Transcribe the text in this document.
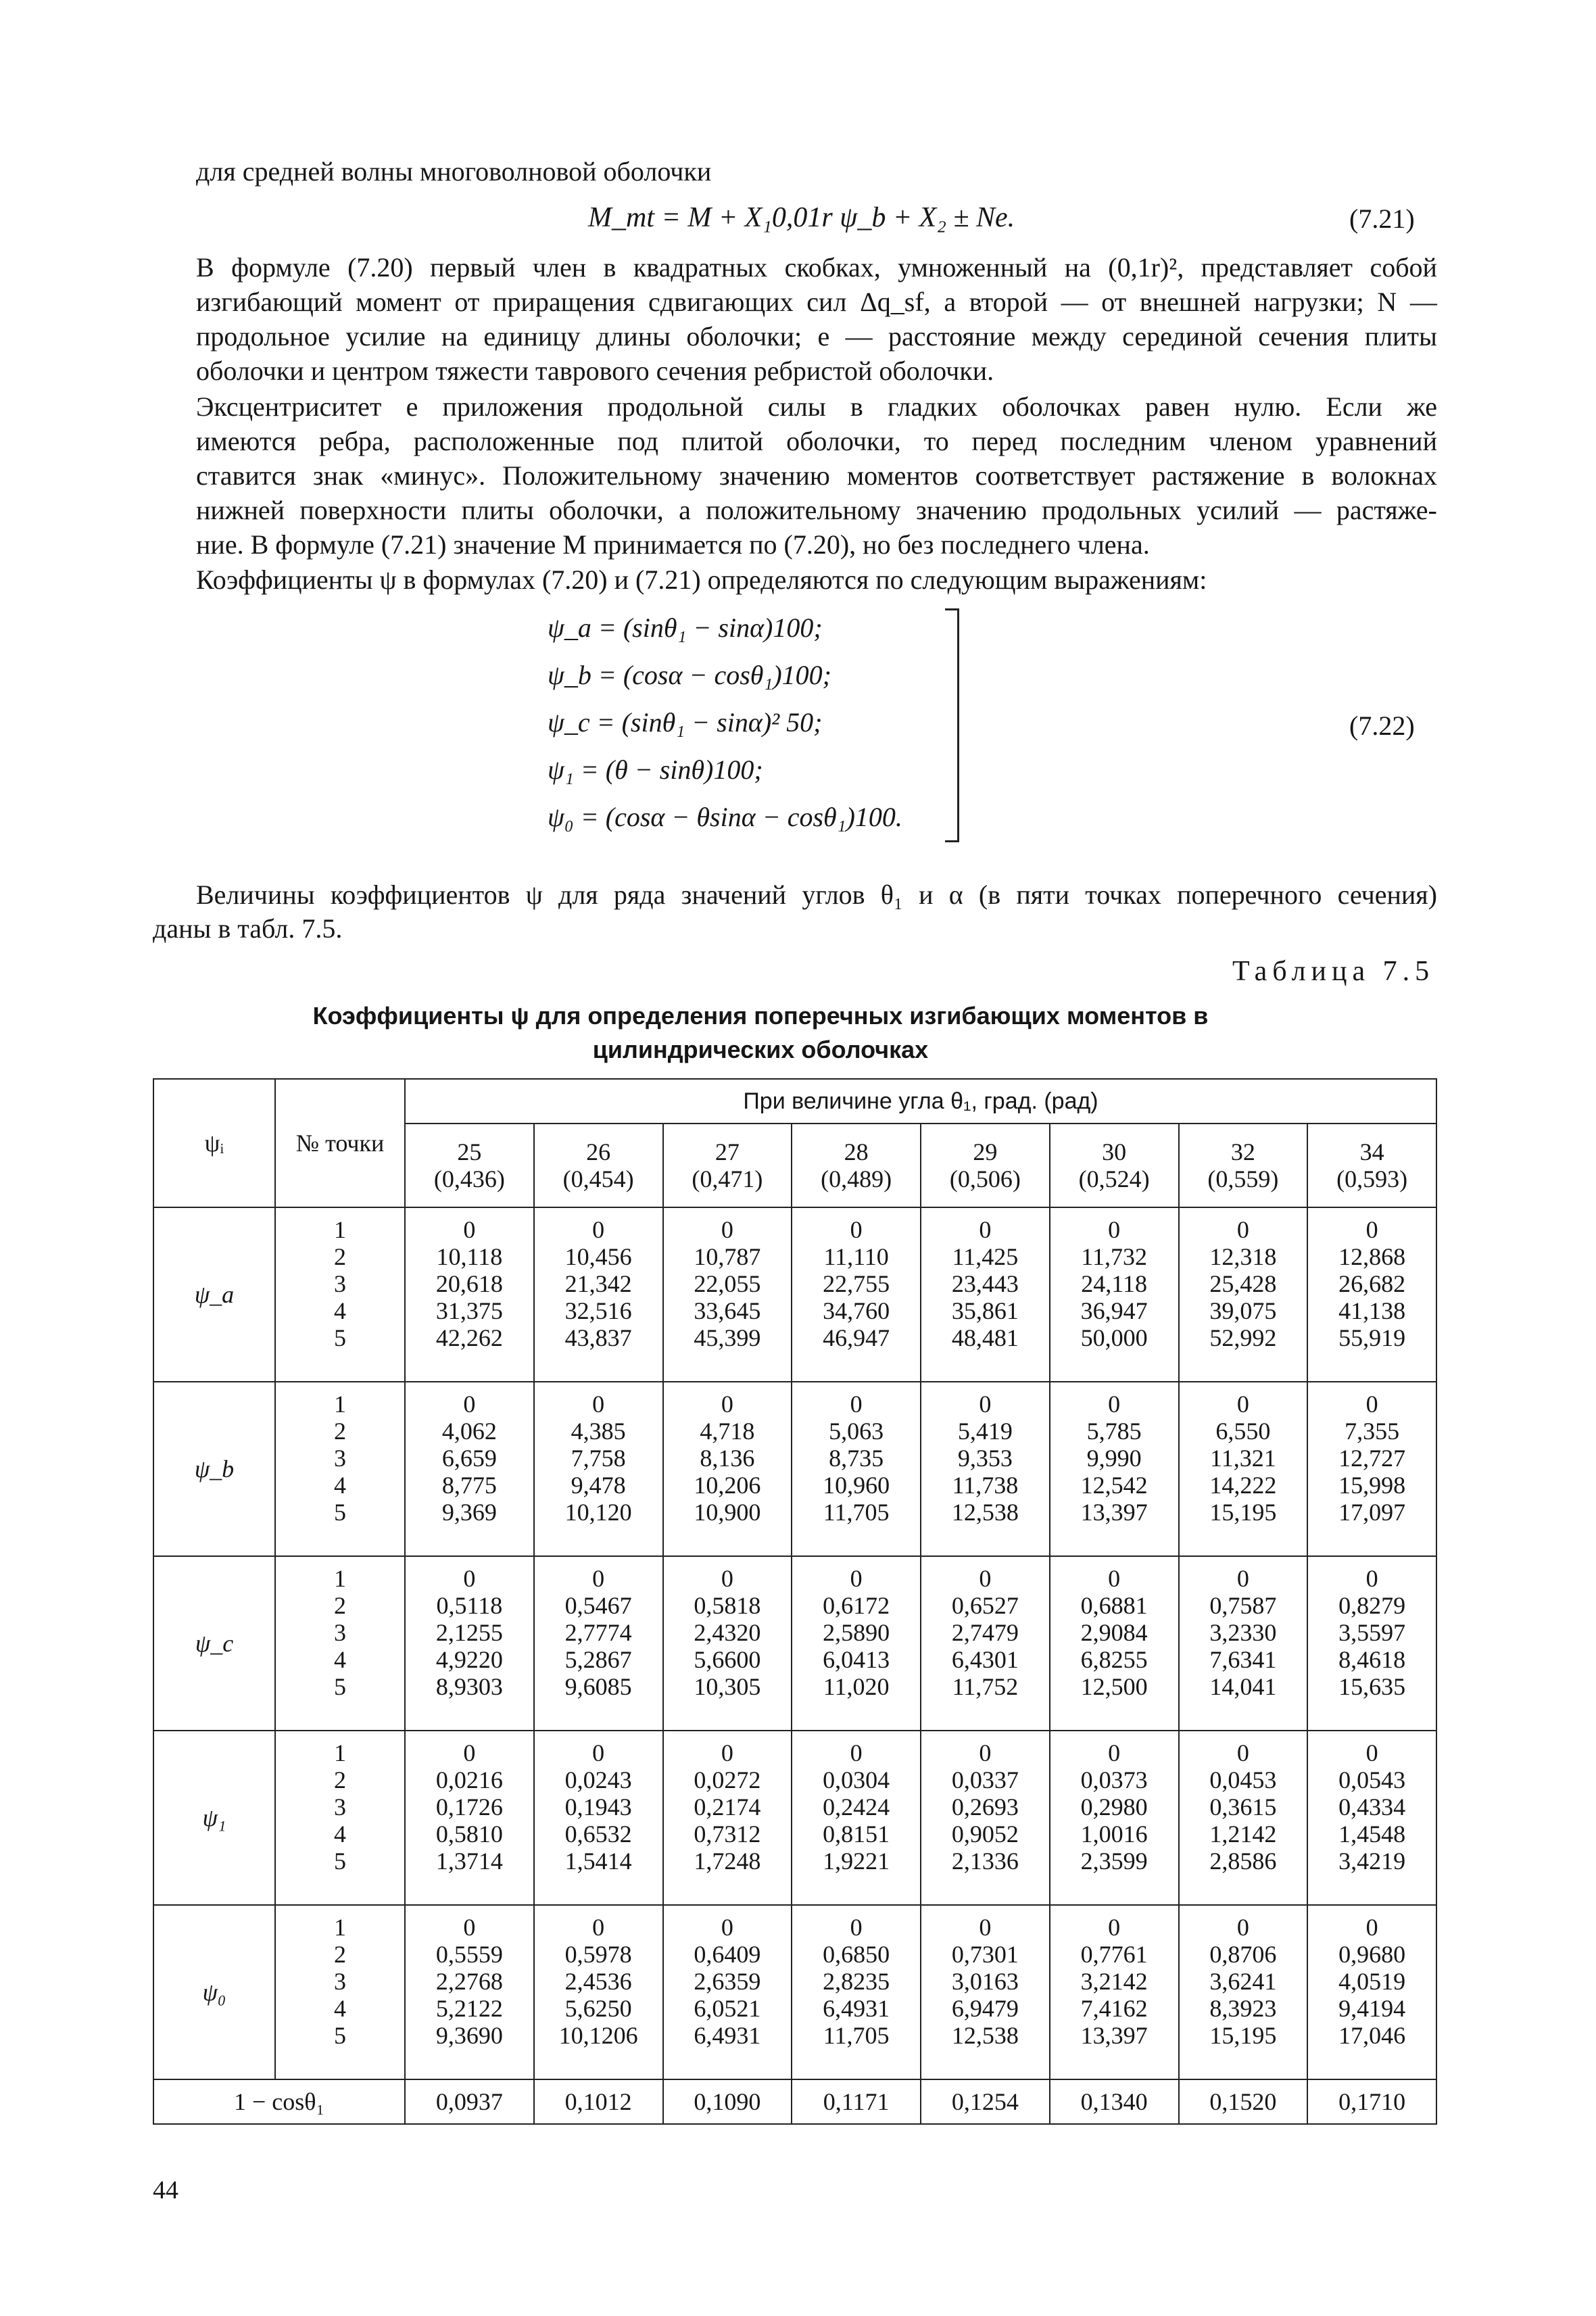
для средней волны многоволновой оболочки
M_mt = M + X₁0,01r ψ_b + X₂ ± Ne.	(7.21)
В формуле (7.20) первый член в квадратных скобках, умноженный на (0,1r)², представляет собой
изгибающий момент от приращения сдвигающих сил Δq_sf, а второй — от внешней нагрузки; N —
продольное усилие на единицу длины оболочки; e — расстояние между серединой сечения плиты
оболочки и центром тяжести таврового сечения ребристой оболочки.
Эксцентриситет e приложения продольной силы в гладких оболочках равен нулю. Если же
имеются ребра, расположенные под плитой оболочки, то перед последним членом уравнений
ставится знак «минус». Положительному значению моментов соответствует растяжение в волокнах
нижней поверхности плиты оболочки, а положительному значению продольных усилий — растяже-
ние. В формуле (7.21) значение M принимается по (7.20), но без последнего члена.
Коэффициенты ψ в формулах (7.20) и (7.21) определяются по следующим выражениям:
ψ_a = (sinθ₁ − sinα)100;
ψ_b = (cosα − cosθ₁)100;
ψ_c = (sinθ₁ − sinα)² 50;
ψ₁ = (θ − sinθ)100;
ψ₀ = (cosα − θsinα − cosθ₁)100.
(7.22)
Величины коэффициентов ψ для ряда значений углов θ₁ и α (в пяти точках поперечного сечения)
даны в табл. 7.5.
Таблица 7.5
Коэффициенты ψ для определения поперечных изгибающих моментов в цилиндрических оболочках
ψᵢ	№ точки	При величине угла θ₁, град. (рад)							

		25
(0,436)	26
(0,454)	27
(0,471)	28
(0,489)	29
(0,506)	30
(0,524)	32
(0,559)	34
(0,593)

ψ_a	1
2
3
4
5	0
10,118
20,618
31,375
42,262	0
10,456
21,342
32,516
43,837	0
10,787
22,055
33,645
45,399	0
11,110
22,755
34,760
46,947	0
11,425
23,443
35,861
48,481	0
11,732
24,118
36,947
50,000	0
12,318
25,428
39,075
52,992	0
12,868
26,682
41,138
55,919

ψ_b	1
2
3
4
5	0
4,062
6,659
8,775
9,369	0
4,385
7,758
9,478
10,120	0
4,718
8,136
10,206
10,900	0
5,063
8,735
10,960
11,705	0
5,419
9,353
11,738
12,538	0
5,785
9,990
12,542
13,397	0
6,550
11,321
14,222
15,195	0
7,355
12,727
15,998
17,097

ψ_c	1
2
3
4
5	0
0,5118
2,1255
4,9220
8,9303	0
0,5467
2,7774
5,2867
9,6085	0
0,5818
2,4320
5,6600
10,305	0
0,6172
2,5890
6,0413
11,020	0
0,6527
2,7479
6,4301
11,752	0
0,6881
2,9084
6,8255
12,500	0
0,7587
3,2330
7,6341
14,041	0
0,8279
3,5597
8,4618
15,635

ψ₁	1
2
3
4
5	0
0,0216
0,1726
0,5810
1,3714	0
0,0243
0,1943
0,6532
1,5414	0
0,0272
0,2174
0,7312
1,7248	0
0,0304
0,2424
0,8151
1,9221	0
0,0337
0,2693
0,9052
2,1336	0
0,0373
0,2980
1,0016
2,3599	0
0,0453
0,3615
1,2142
2,8586	0
0,0543
0,4334
1,4548
3,4219

ψ₀	1
2
3
4
5	0
0,5559
2,2768
5,2122
9,3690	0
0,5978
2,4536
5,6250
10,1206	0
0,6409
2,6359
6,0521
6,4931	0
0,6850
2,8235
6,4931
11,705	0
0,7301
3,0163
6,9479
12,538	0
0,7761
3,2142
7,4162
13,397	0
0,8706
3,6241
8,3923
15,195	0
0,9680
4,0519
9,4194
17,046

1 − cosθ₁		0,0937	0,1012	0,1090	0,1171	0,1254	0,1340	0,1520	0,1710
44
